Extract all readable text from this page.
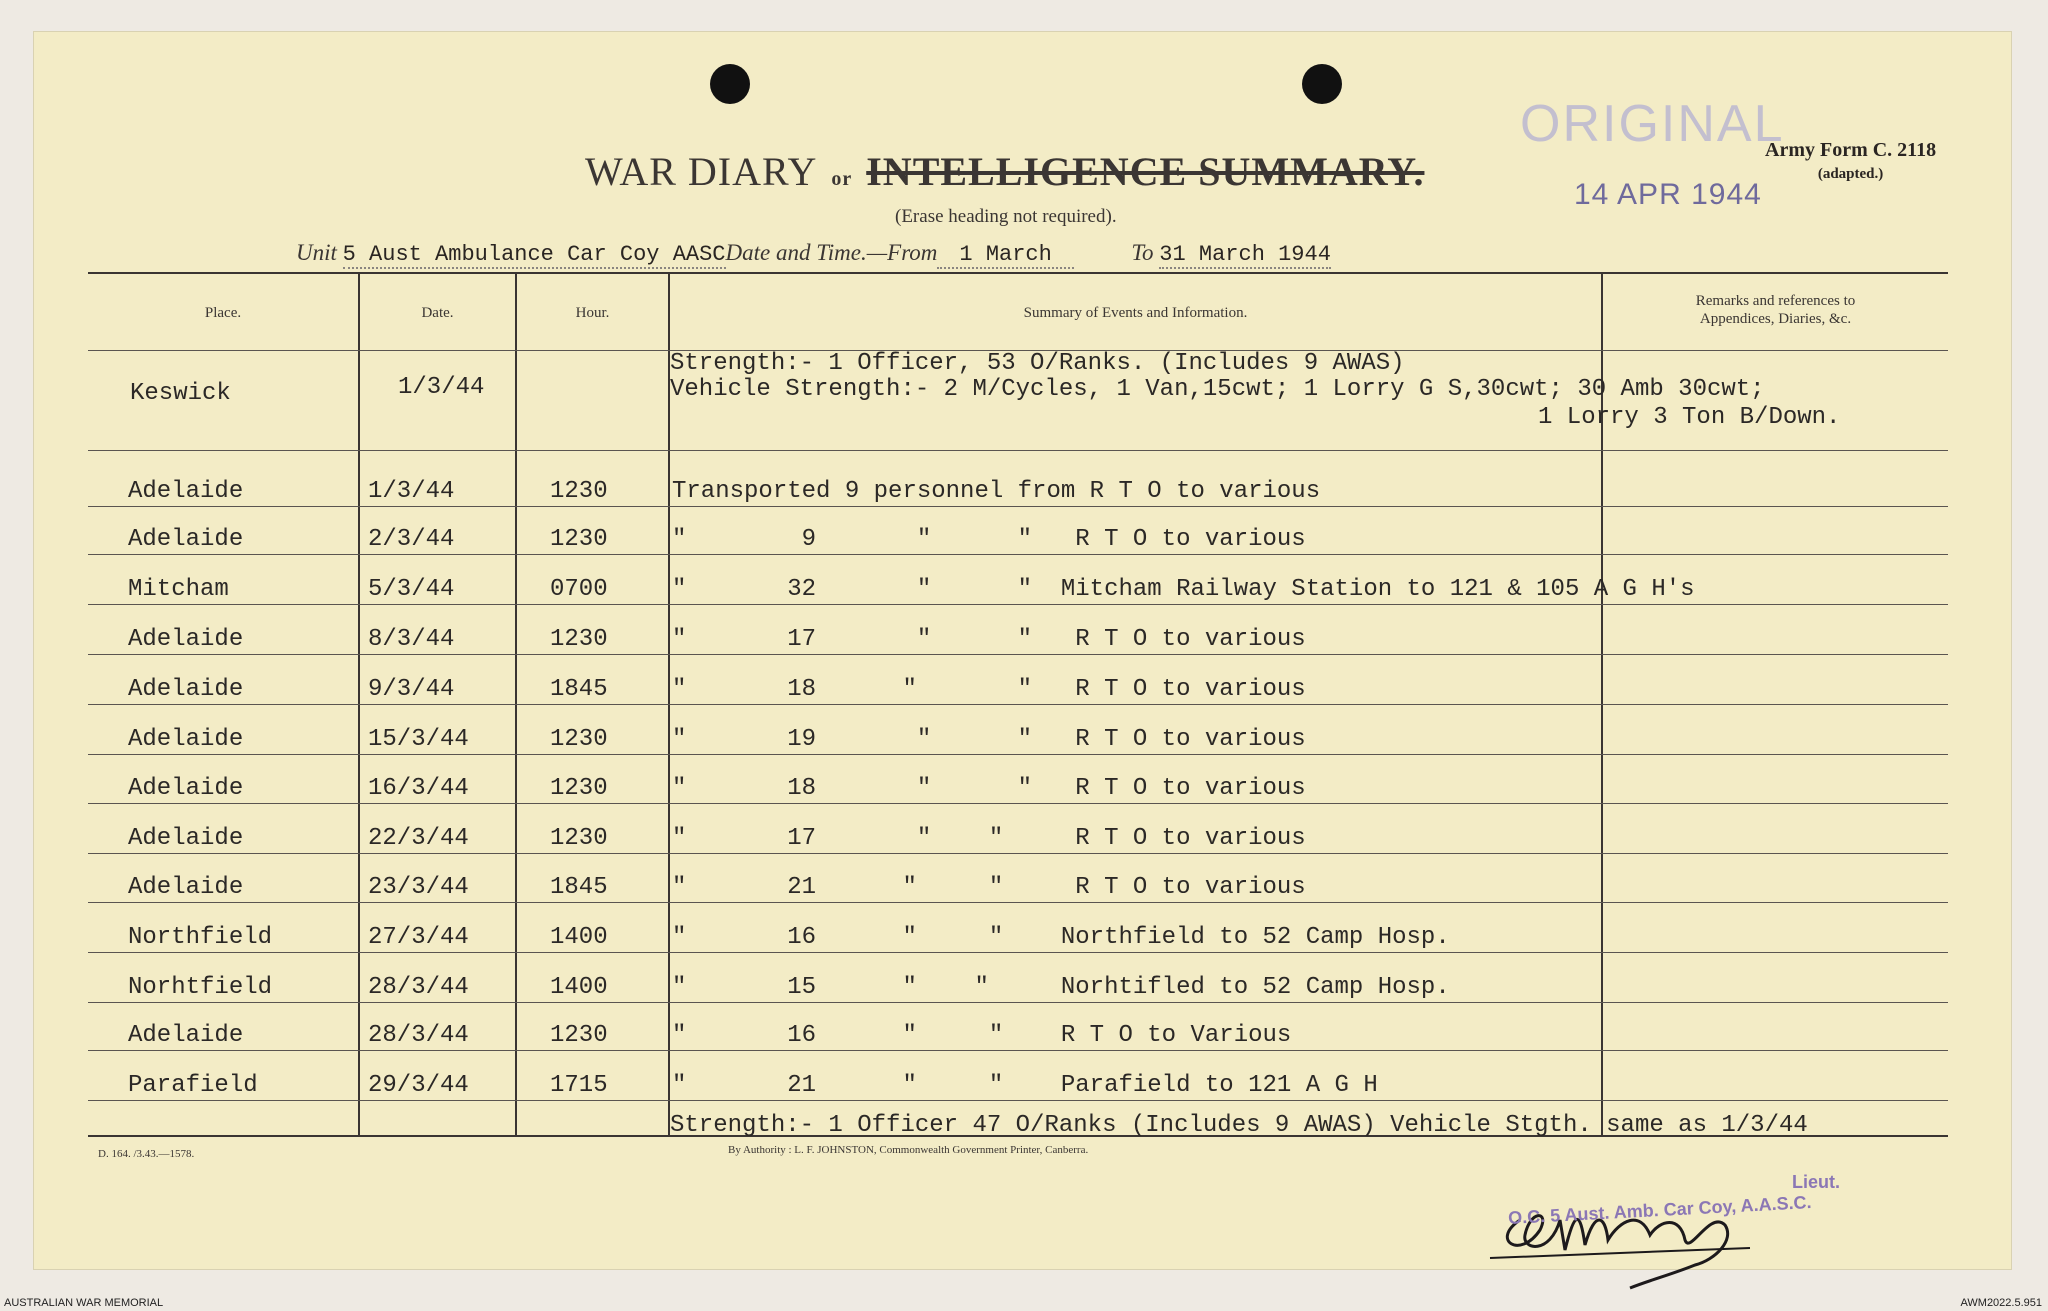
WAR DIARY or INTELLIGENCE SUMMARY.
(Erase heading not required).
ORIGINAL
14 APR 1944
Army Form C. 2118
(adapted.)
Unit 5 Aust Ambulance Car Coy AASCDate and Time.—From 1 March	To 31 March 1944
Place.	Date.	Hour.	Summary of Events and Information.
Remarks and references to
Appendices, Diaries, &c.
Keswick	1/3/44
Strength:- 1 Officer, 53 O/Ranks. (Includes 9 AWAS)
Vehicle Strength:- 2 M/Cycles, 1 Van,15cwt; 1 Lorry G S,30cwt; 30 Amb 30cwt;
1 Lorry 3 Ton B/Down.
Adelaide	1/3/44	1230	Transported 9 personnel from R T O to various
Adelaide	2/3/44	1230	"        9       "      "   R T O to various
Mitcham	5/3/44	0700	"       32       "      "  Mitcham Railway Station to 121 & 105 A G H's
Adelaide	8/3/44	1230	"       17       "      "   R T O to various
Adelaide	9/3/44	1845	"       18      "       "   R T O to various
Adelaide	15/3/44	1230	"       19       "      "   R T O to various
Adelaide	16/3/44	1230	"       18       "      "   R T O to various
Adelaide	22/3/44	1230	"       17       "    "     R T O to various
Adelaide	23/3/44	1845	"       21      "     "     R T O to various
Northfield	27/3/44	1400	"       16      "     "    Northfield to 52 Camp Hosp.
Norhtfield	28/3/44	1400	"       15      "    "     Norhtifled to 52 Camp Hosp.
Adelaide	28/3/44	1230	"       16      "     "    R T O to Various
Parafield	29/3/44	1715	"       21      "     "    Parafield to 121 A G H
Strength:- 1 Officer 47 O/Ranks (Includes 9 AWAS) Vehicle Stgth. same as 1/3/44
D. 164. /3.43.—1578.	By Authority : L. F. JOHNSTON, Commonwealth Government Printer, Canberra.
O.C. 5 Aust. Amb. Car Coy, A.A.S.C.
Lieut.
AUSTRALIAN WAR MEMORIAL	AWM2022.5.951
